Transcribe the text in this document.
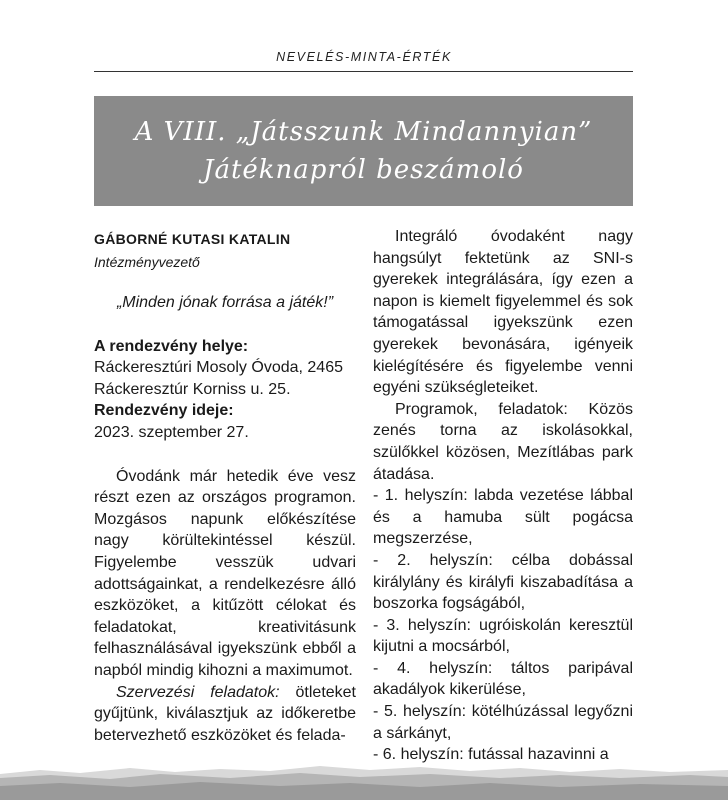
NEVELÉS-MINTA-ÉRTÉK
A VIII. „Játsszunk Mindannyian”
Játéknapról beszámoló
GÁBORNÉ KUTASI KATALIN
Intézményvezető
„Minden jónak forrása a játék!”
A rendezvény helye:
Ráckeresztúri Mosoly Óvoda, 2465
Ráckeresztúr Korniss u. 25.
Rendezvény ideje:
2023. szeptember 27.
Óvodánk már hetedik éve vesz részt ezen az országos programon. Mozgásos napunk előkészítése nagy körültekintéssel készül. Figyelembe vesszük udvari adottságainkat, a rendelkezésre álló eszközöket, a kitűzött célokat és feladatokat, kreativitásunk felhasználásával igyekszünk ebből a napból mindig kihozni a maximumot.
Szervezési feladatok: ötleteket gyűjtünk, kiválasztjuk az időkeretbe betervezhető eszközöket és felada-
Integráló óvodaként nagy hangsúlyt fektetünk az SNI-s gyerekek integrálására, így ezen a napon is kiemelt figyelemmel és sok támogatással igyekszünk ezen gyerekek bevonására, igényeik kielégítésére és figyelembe venni egyéni szükségleteiket.
Programok, feladatok: Közös zenés torna az iskolásokkal, szülőkkel közösen, Mezítlábas park átadása.
- 1. helyszín: labda vezetése lábbal és a hamuba sült pogácsa megszerzése,
- 2. helyszín: célba dobással királylány és királyfi kiszabadítása a boszorka fogságából,
- 3. helyszín: ugróiskolán keresztül kijutni a mocsárból,
- 4. helyszín: táltos paripával akadályok kikerülése,
- 5. helyszín: kötélhúzással legyőzni a sárkányt,
- 6. helyszín: futással hazavinni a
